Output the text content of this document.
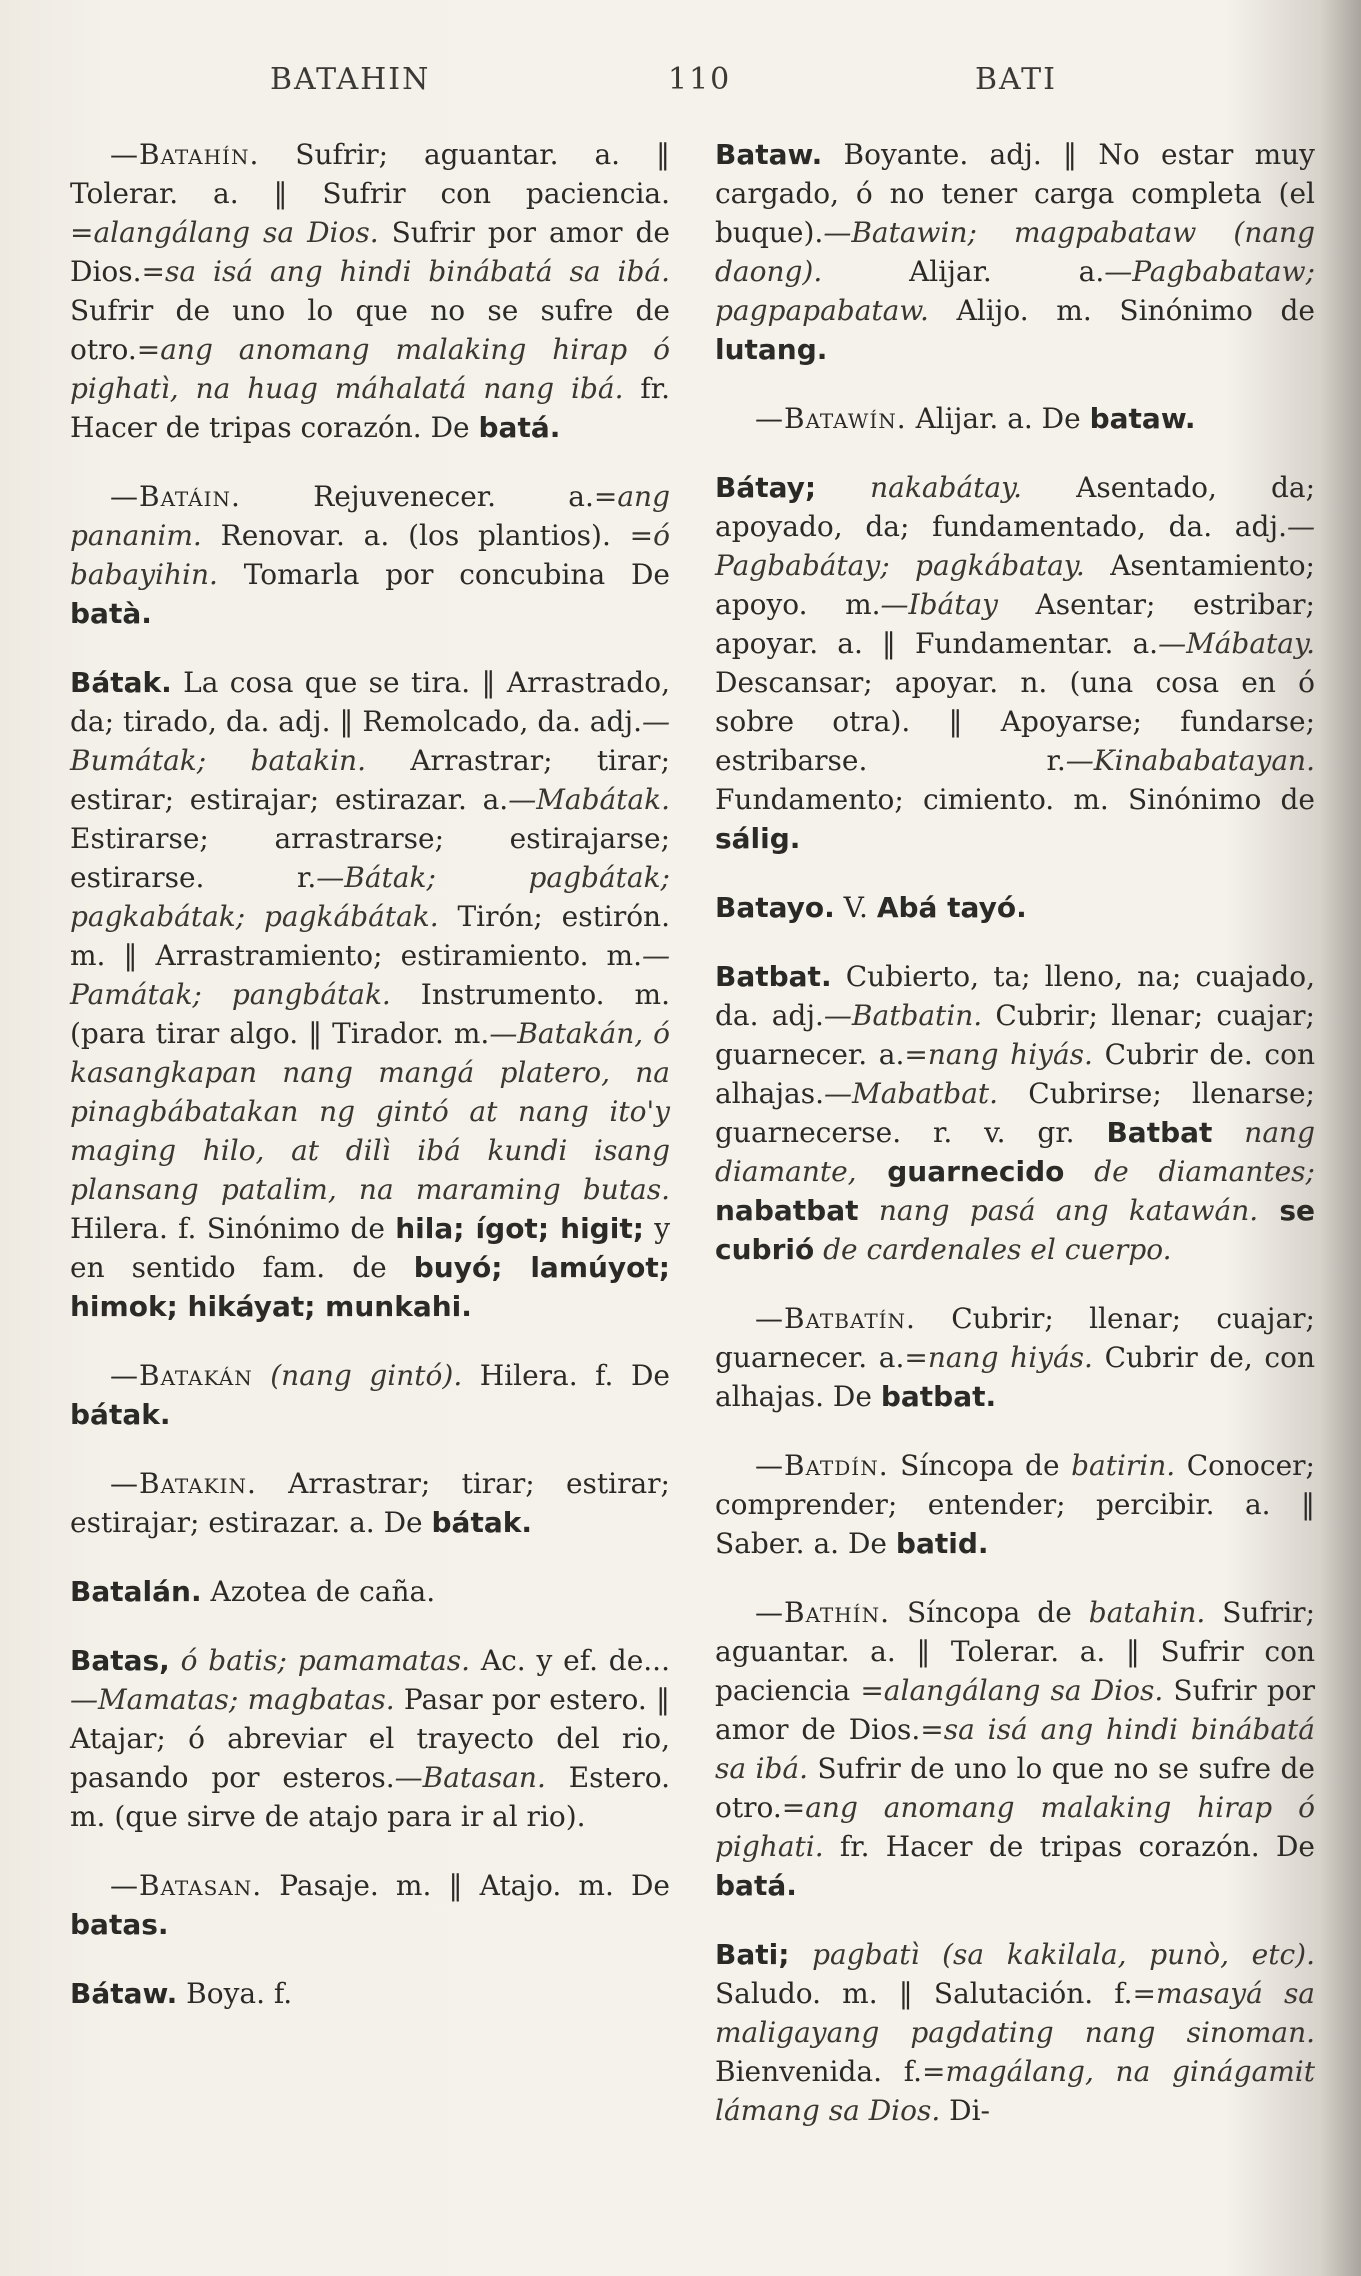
BATAHIN	110	BATI

—Batahín. Sufrir; aguantar. a. ‖ Tolerar. a. ‖ Sufrir con paciencia. =alangálang sa Dios. Sufrir por amor de Dios.=sa isá ang hindi binábatá sa ibá. Sufrir de uno lo que no se sufre de otro.=ang anomang malaking hirap ó pighatì, na huag máhalatá nang ibá. fr. Hacer de tripas corazón. De batá.

—Batáin. Rejuvenecer. a.=ang pananim. Renovar. a. (los plantios). =ó babayihin. Tomarla por concubina De batà.

Bátak. La cosa que se tira. ‖ Arrastrado, da; tirado, da. adj. ‖ Remolcado, da. adj.—Bumátak; batakin. Arrastrar; tirar; estirar; estirajar; estirazar. a.—Mabátak. Estirarse; arrastrarse; estirajarse; estirarse. r.—Bátak; pagbátak; pagkabátak; pagkábátak. Tirón; estirón. m. ‖ Arrastramiento; estiramiento. m.—Památak; pangbátak. Instrumento. m. (para tirar algo. ‖ Tirador. m.—Batakán, ó kasangkapan nang mangá platero, na pinagbábatakan ng gintó at nang ito'y maging hilo, at dilì ibá kundi isang plansang patalim, na maraming butas. Hilera. f. Sinónimo de hila; ígot; higit; y en sentido fam. de buyó; lamúyot; himok; hikáyat; munkahi.

—Batakán (nang gintó). Hilera. f. De bátak.

—Batakin. Arrastrar; tirar; estirar; estirajar; estirazar. a. De bátak.

Batalán. Azotea de caña.

Batas, ó batis; pamamatas. Ac. y ef. de...—Mamatas; magbatas. Pasar por estero. ‖ Atajar; ó abreviar el trayecto del rio, pasando por esteros.—Batasan. Estero. m. (que sirve de atajo para ir al rio).

—Batasan. Pasaje. m. ‖ Atajo. m. De batas.

Bátaw. Boya. f.

Bataw. Boyante. adj. ‖ No estar muy cargado, ó no tener carga completa (el buque).—Batawin; magpabataw (nang daong). Alijar. a.—Pagbabataw; pagpapabataw. Alijo. m. Sinónimo de lutang.

—Batawín. Alijar. a. De bataw.

Bátay; nakabátay. Asentado, da; apoyado, da; fundamentado, da. adj.—Pagbabátay; pagkábatay. Asentamiento; apoyo. m.—Ibátay Asentar; estribar; apoyar. a. ‖ Fundamentar. a.—Mábatay. Descansar; apoyar. n. (una cosa en ó sobre otra). ‖ Apoyarse; fundarse; estribarse. r.—Kinababatayan. Fundamento; cimiento. m. Sinónimo de sálig.

Batayo. V. Abá tayó.

Batbat. Cubierto, ta; lleno, na; cuajado, da. adj.—Batbatin. Cubrir; llenar; cuajar; guarnecer. a.=nang hiyás. Cubrir de. con alhajas.—Mabatbat. Cubrirse; llenarse; guarnecerse. r. v. gr. Batbat nang diamante, guarnecido de diamantes; nabatbat nang pasá ang katawán. se cubrió de cardenales el cuerpo.

—Batbatín. Cubrir; llenar; cuajar; guarnecer. a.=nang hiyás. Cubrir de, con alhajas. De batbat.

—Batdín. Síncopa de batirin. Conocer; comprender; entender; percibir. a. ‖ Saber. a. De batid.

—Bathín. Síncopa de batahin. Sufrir; aguantar. a. ‖ Tolerar. a. ‖ Sufrir con paciencia =alangálang sa Dios. Sufrir por amor de Dios.=sa isá ang hindi binábatá sa ibá. Sufrir de uno lo que no se sufre de otro.=ang anomang malaking hirap ó pighati. fr. Hacer de tripas corazón. De batá.

Bati; pagbatì (sa kakilala, punò, etc). Saludo. m. ‖ Salutación. f.=masayá sa maligayang pagdating nang sinoman. Bienvenida. f.=magálang, na ginágamit lámang sa Dios. Di-
